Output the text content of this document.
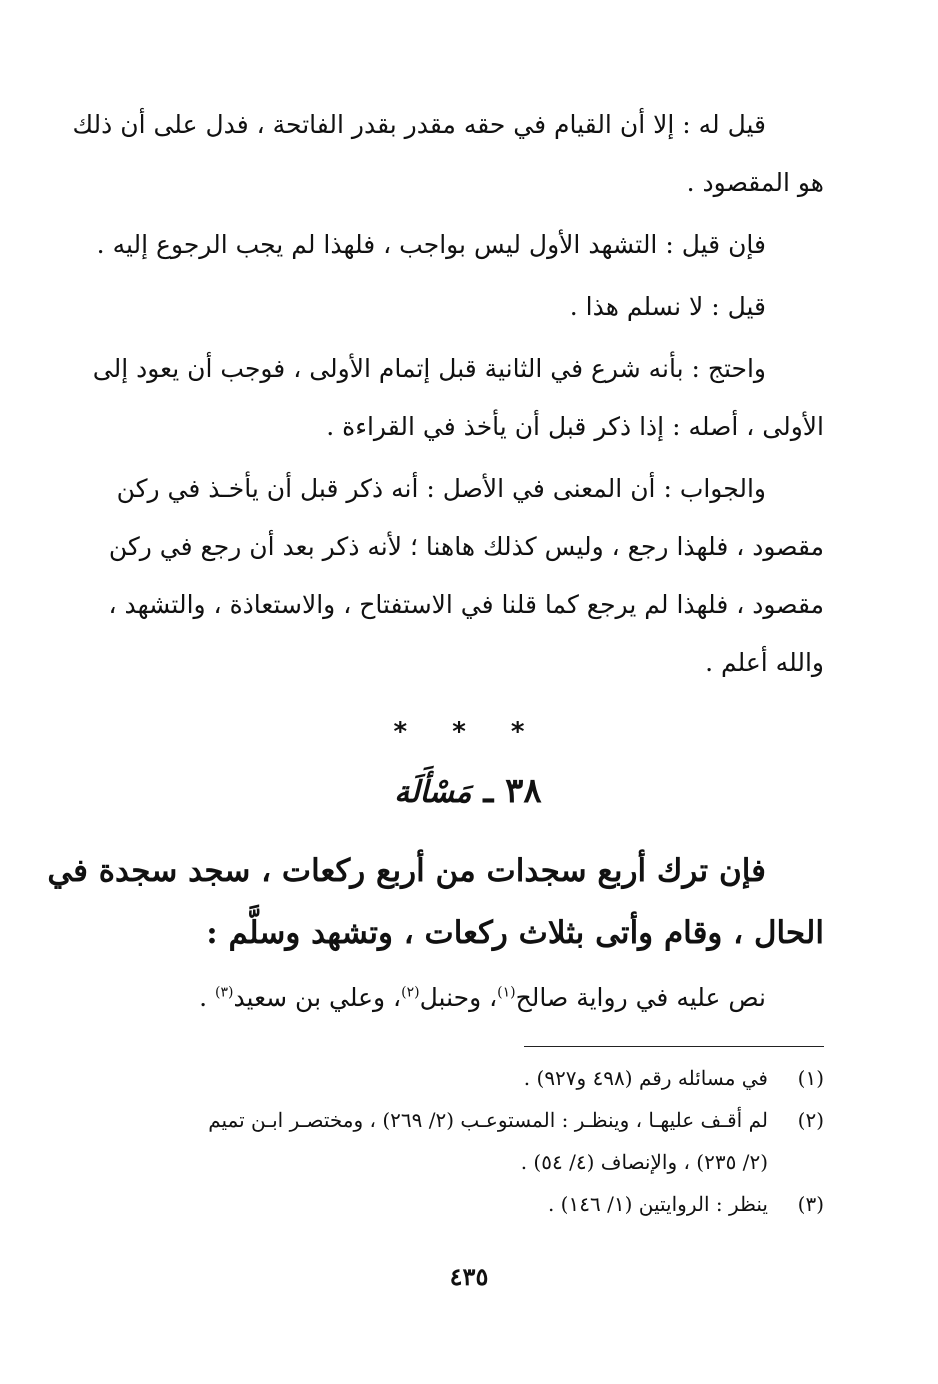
قيل له : إلا أن القيام في حقه مقدر بقدر الفاتحة ، فدل على أن ذلك
هو المقصود .
فإن قيل : التشهد الأول ليس بواجب ، فلهذا لم يجب الرجوع إليه .
قيل : لا نسلم هذا .
واحتج : بأنه شرع في الثانية قبل إتمام الأولى ، فوجب أن يعود إلى
الأولى ، أصله : إذا ذكر قبل أن يأخذ في القراءة .
والجواب : أن المعنى في الأصل : أنه ذكر قبل أن يأخـذ في ركن
مقصود ، فلهذا رجع ، وليس كذلك هاهنا ؛ لأنه ذكر بعد أن رجع في ركن
مقصود ، فلهذا لم يرجع كما قلنا في الاستفتاح ، والاستعاذة ، والتشهد ،
والله أعلم .
* * *
٣٨ ـ مَسْأَلَة
فإن ترك أربع سجدات من أربع ركعات ، سجد سجدة في
الحال ، وقام وأتى بثلاث ركعات ، وتشهد وسلَّم :
نص عليه في رواية صالح$^{(١)}$، وحنبل$^{(٢)}$، وعلي بن سعيد$^{(٣)}$ .
(١)
في مسائله رقم (٤٩٨ و٩٢٧) .
(٢)
لم أقـف عليهـا ، وينظـر : المستوعـب (٢/ ٢٦٩) ، ومختصـر ابـن تميم
(٢/ ٢٣٥) ، والإنصاف (٤/ ٥٤) .
(٣)
ينظر : الروايتين (١/ ١٤٦) .
٤٣٥
